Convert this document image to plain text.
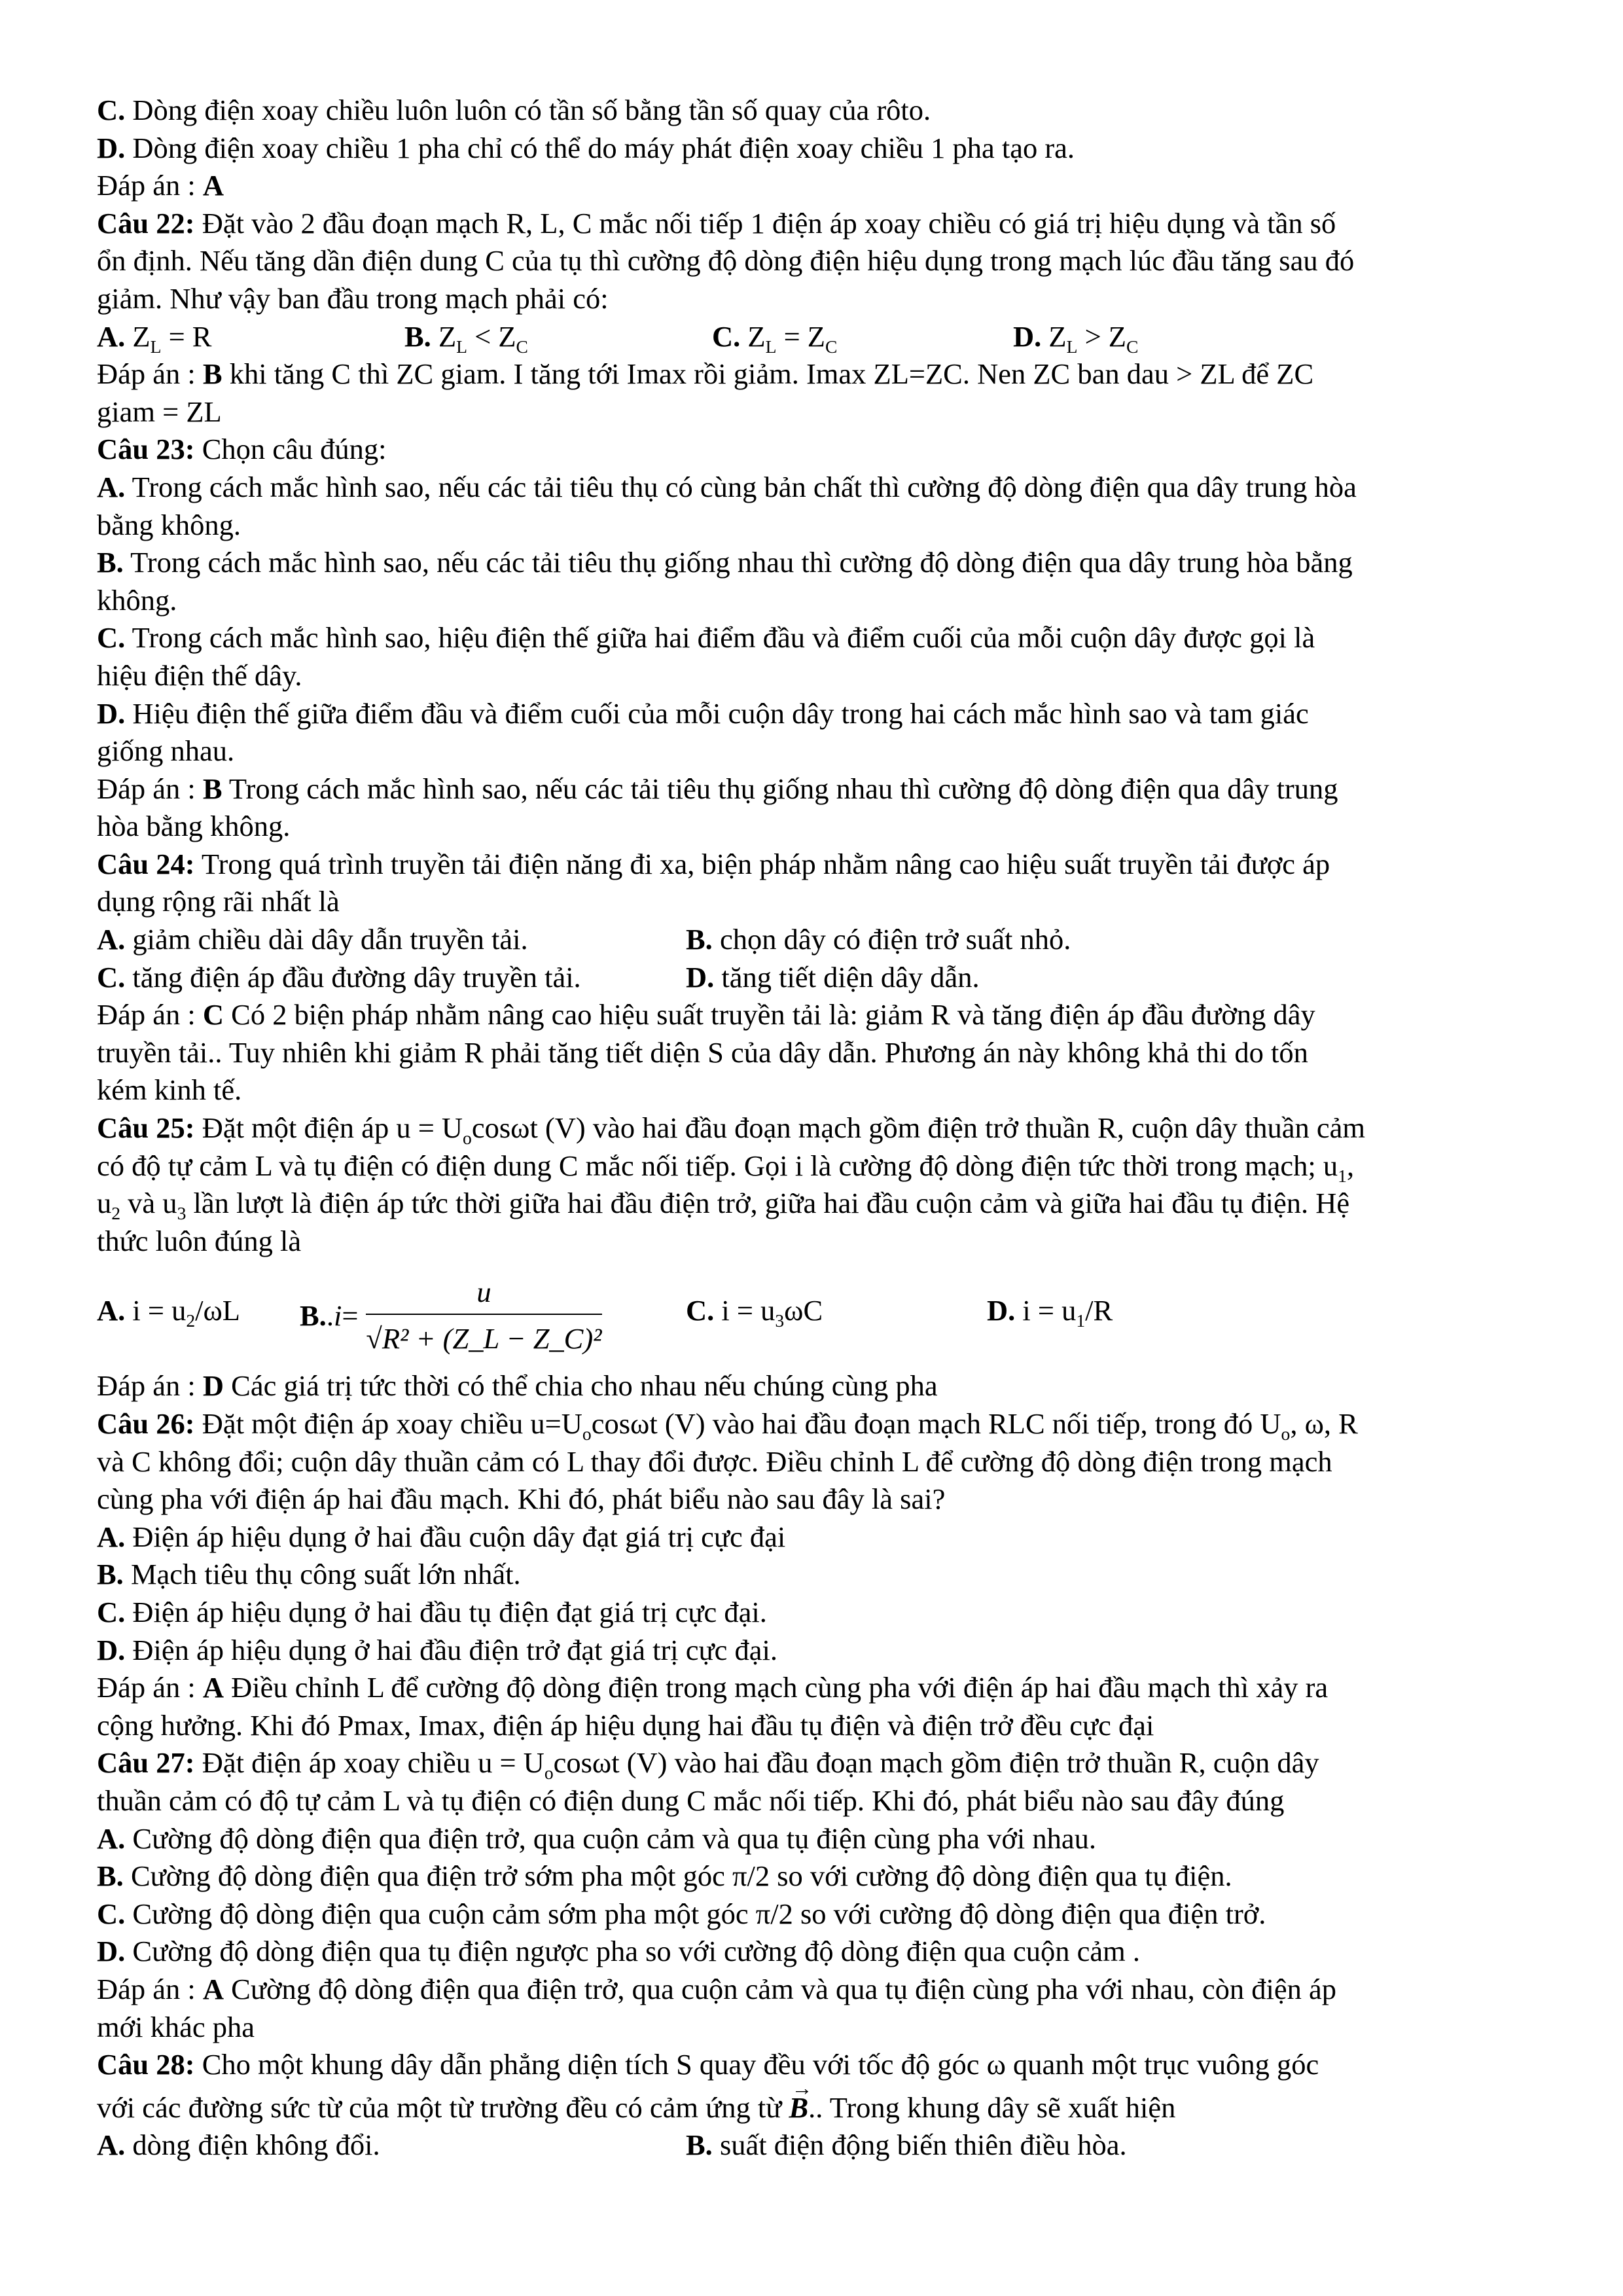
C. Dòng điện xoay chiều luôn luôn có tần số bằng tần số quay của rôto.
D. Dòng điện xoay chiều 1 pha chỉ có thể do máy phát điện xoay chiều 1 pha tạo ra.
Đáp án : A
Câu 22: Đặt vào 2 đầu đoạn mạch R, L, C mắc nối tiếp 1 điện áp xoay chiều có giá trị hiệu dụng và tần số
ổn định. Nếu tăng dần điện dung C của tụ thì cường độ dòng điện hiệu dụng trong mạch lúc đầu tăng sau đó
giảm. Như vậy ban đầu trong mạch phải có:
A. $Z_L = R$	B. $Z_L < Z_C$	C. $Z_L = Z_C$	D. $Z_L > Z_C$
Đáp án : B khi tăng C thì ZC giam. I tăng tới Imax rồi giảm. Imax ZL=ZC. Nen ZC ban dau > ZL để ZC
giam = ZL
Câu 23: Chọn câu đúng:
A. Trong cách mắc hình sao, nếu các tải tiêu thụ có cùng bản chất thì cường độ dòng điện qua dây trung hòa
bằng không.
B. Trong cách mắc hình sao, nếu các tải tiêu thụ giống nhau thì cường độ dòng điện qua dây trung hòa bằng
không.
C. Trong cách mắc hình sao, hiệu điện thế giữa hai điểm đầu và điểm cuối của mỗi cuộn dây được gọi là
hiệu điện thế dây.
D. Hiệu điện thế giữa điểm đầu và điểm cuối của mỗi cuộn dây trong hai cách mắc hình sao và tam giác
giống nhau.
Đáp án : B Trong cách mắc hình sao, nếu các tải tiêu thụ giống nhau thì cường độ dòng điện qua dây trung
hòa bằng không.
Câu 24: Trong quá trình truyền tải điện năng đi xa, biện pháp nhằm nâng cao hiệu suất truyền tải được áp
dụng rộng rãi nhất là
A. giảm chiều dài dây dẫn truyền tải.	B. chọn dây có điện trở suất nhỏ.
C. tăng điện áp đầu đường dây truyền tải.	D. tăng tiết diện dây dẫn.
Đáp án : C Có 2 biện pháp nhằm nâng cao hiệu suất truyền tải là: giảm R và tăng điện áp đầu đường dây
truyền tải.. Tuy nhiên khi giảm R phải tăng tiết diện S của dây dẫn. Phương án này không khả thi do tốn
kém kinh tế.
Câu 25: Đặt một điện áp $u = U_o\cos\omega t$ (V) vào hai đầu đoạn mạch gồm điện trở thuần R, cuộn dây thuần cảm
có độ tự cảm L và tụ điện có điện dung C mắc nối tiếp. Gọi i là cường độ dòng điện tức thời trong mạch; $u_1$,
$u_2$ và $u_3$ lần lượt là điện áp tức thời giữa hai đầu điện trở, giữa hai đầu cuộn cảm và giữa hai đầu tụ điện. Hệ
thức luôn đúng là
A. $i = u_2/\omega L$	B. . $i = \frac{u}{\text{√R² + (Z\_L − Z\_C)²}}$	C. $i = u_3\omega C$	D. $i = u_1/R$
Đáp án : D Các giá trị tức thời có thể chia cho nhau nếu chúng cùng pha
Câu 26: Đặt một điện áp xoay chiều $u=U_o\cos\omega t$ (V) vào hai đầu đoạn mạch RLC nối tiếp, trong đó $U_o$, ω, R
và C không đổi; cuộn dây thuần cảm có L thay đổi được. Điều chỉnh L để cường độ dòng điện trong mạch
cùng pha với điện áp hai đầu mạch. Khi đó, phát biểu nào sau đây là sai?
A. Điện áp hiệu dụng ở hai đầu cuộn dây đạt giá trị cực đại
B. Mạch tiêu thụ công suất lớn nhất.
C. Điện áp hiệu dụng ở hai đầu tụ điện đạt giá trị cực đại.
D. Điện áp hiệu dụng ở hai đầu điện trở đạt giá trị cực đại.
Đáp án : A Điều chỉnh L để cường độ dòng điện trong mạch cùng pha với điện áp hai đầu mạch thì xảy ra
cộng hưởng. Khi đó Pmax, Imax, điện áp hiệu dụng hai đầu tụ điện và điện trở đều cực đại
Câu 27: Đặt điện áp xoay chiều $u = U_o\cos\omega t$ (V) vào hai đầu đoạn mạch gồm điện trở thuần R, cuộn dây
thuần cảm có độ tự cảm L và tụ điện có điện dung C mắc nối tiếp. Khi đó, phát biểu nào sau đây đúng
A. Cường độ dòng điện qua điện trở, qua cuộn cảm và qua tụ điện cùng pha với nhau.
B. Cường độ dòng điện qua điện trở sớm pha một góc π/2 so với cường độ dòng điện qua tụ điện.
C. Cường độ dòng điện qua cuộn cảm sớm pha một góc π/2 so với cường độ dòng điện qua điện trở.
D. Cường độ dòng điện qua tụ điện ngược pha so với cường độ dòng điện qua cuộn cảm .
Đáp án : A Cường độ dòng điện qua điện trở, qua cuộn cảm và qua tụ điện cùng pha với nhau, còn điện áp
mới khác pha
Câu 28: Cho một khung dây dẫn phẳng diện tích S quay đều với tốc độ góc ω quanh một trục vuông góc
với các đường sức từ của một từ trường đều có cảm ứng từ → B.. Trong khung dây sẽ xuất hiện
A. dòng điện không đổi.	B. suất điện động biến thiên điều hòa.
